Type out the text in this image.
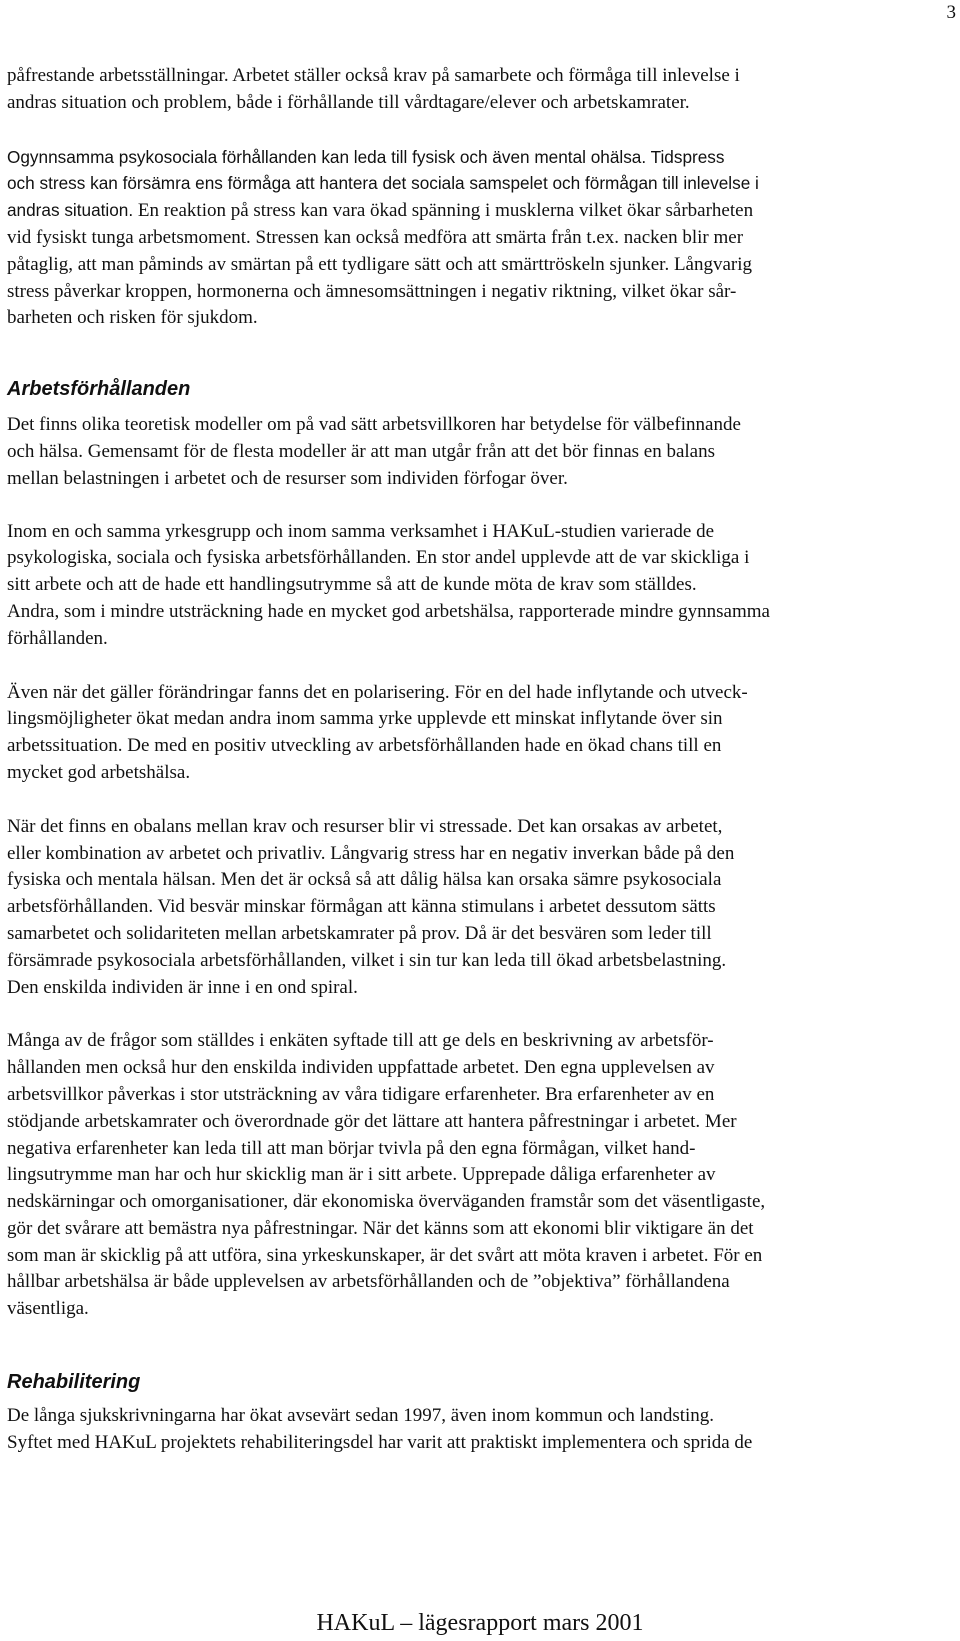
3

påfrestande arbetsställningar. Arbetet ställer också krav på samarbete och förmåga till inlevelse i
andras situation och problem, både i förhållande till vårdtagare/elever och arbetskamrater.

Ogynnsamma psykosociala förhållanden kan leda till fysisk och även mental ohälsa. Tidspress
och stress kan försämra ens förmåga att hantera det sociala samspelet och förmågan till inlevelse i
andras situation. En reaktion på stress kan vara ökad spänning i musklerna vilket ökar sårbarheten
vid fysiskt tunga arbetsmoment. Stressen kan också medföra att smärta från t.ex. nacken blir mer
påtaglig, att man påminds av smärtan på ett tydligare sätt och att smärttröskeln sjunker. Långvarig
stress påverkar kroppen, hormonerna och ämnesomsättningen i negativ riktning, vilket ökar sår-
barheten och risken för sjukdom.

Arbetsförhållanden

Det finns olika teoretisk modeller om på vad sätt arbetsvillkoren har betydelse för välbefinnande
och hälsa. Gemensamt för de flesta modeller är att man utgår från att det bör finnas en balans
mellan belastningen i arbetet och de resurser som individen förfogar över.

Inom en och samma yrkesgrupp och inom samma verksamhet i HAKuL-studien varierade de
psykologiska, sociala och fysiska arbetsförhållanden. En stor andel upplevde att de var skickliga i
sitt arbete och att de hade ett handlingsutrymme så att de kunde möta de krav som ställdes.
Andra, som i mindre utsträckning hade en mycket god arbetshälsa, rapporterade mindre gynnsamma
förhållanden.

Även när det gäller förändringar fanns det en polarisering. För en del hade inflytande och utveck-
lingsmöjligheter ökat medan andra inom samma yrke upplevde ett minskat inflytande över sin
arbetssituation. De med en positiv utveckling av arbetsförhållanden hade en ökad chans till en
mycket god arbetshälsa.

När det finns en obalans mellan krav och resurser blir vi stressade. Det kan orsakas av arbetet,
eller kombination av arbetet och privatliv. Långvarig stress har en negativ inverkan både på den
fysiska och mentala hälsan. Men det är också så att dålig hälsa kan orsaka sämre psykosociala
arbetsförhållanden. Vid besvär minskar förmågan att känna stimulans i arbetet dessutom sätts
samarbetet och solidariteten mellan arbetskamrater på prov. Då är det besvären som leder till
försämrade psykosociala arbetsförhållanden, vilket i sin tur kan leda till ökad arbetsbelastning.
Den enskilda individen är inne i en ond spiral.

Många av de frågor som ställdes i enkäten syftade till att ge dels en beskrivning av arbetsför-
hållanden men också hur den enskilda individen uppfattade arbetet. Den egna upplevelsen av
arbetsvillkor påverkas i stor utsträckning av våra tidigare erfarenheter. Bra erfarenheter av en
stödjande arbetskamrater och överordnade gör det lättare att hantera påfrestningar i arbetet. Mer
negativa erfarenheter kan leda till att man börjar tvivla på den egna förmågan, vilket hand-
lingsutrymme man har och hur skicklig man är i sitt arbete. Upprepade dåliga erfarenheter av
nedskärningar och omorganisationer, där ekonomiska överväganden framstår som det väsentligaste,
gör det svårare att bemästra nya påfrestningar. När det känns som att ekonomi blir viktigare än det
som man är skicklig på att utföra, sina yrkeskunskaper, är det svårt att möta kraven i arbetet. För en
hållbar arbetshälsa är både upplevelsen av arbetsförhållanden och de ”objektiva” förhållandena
väsentliga.

Rehabilitering

De långa sjukskrivningarna har ökat avsevärt sedan 1997, även inom kommun och landsting.
Syftet med HAKuL projektets rehabiliteringsdel har varit att praktiskt implementera och sprida de

HAKuL – lägesrapport mars 2001
